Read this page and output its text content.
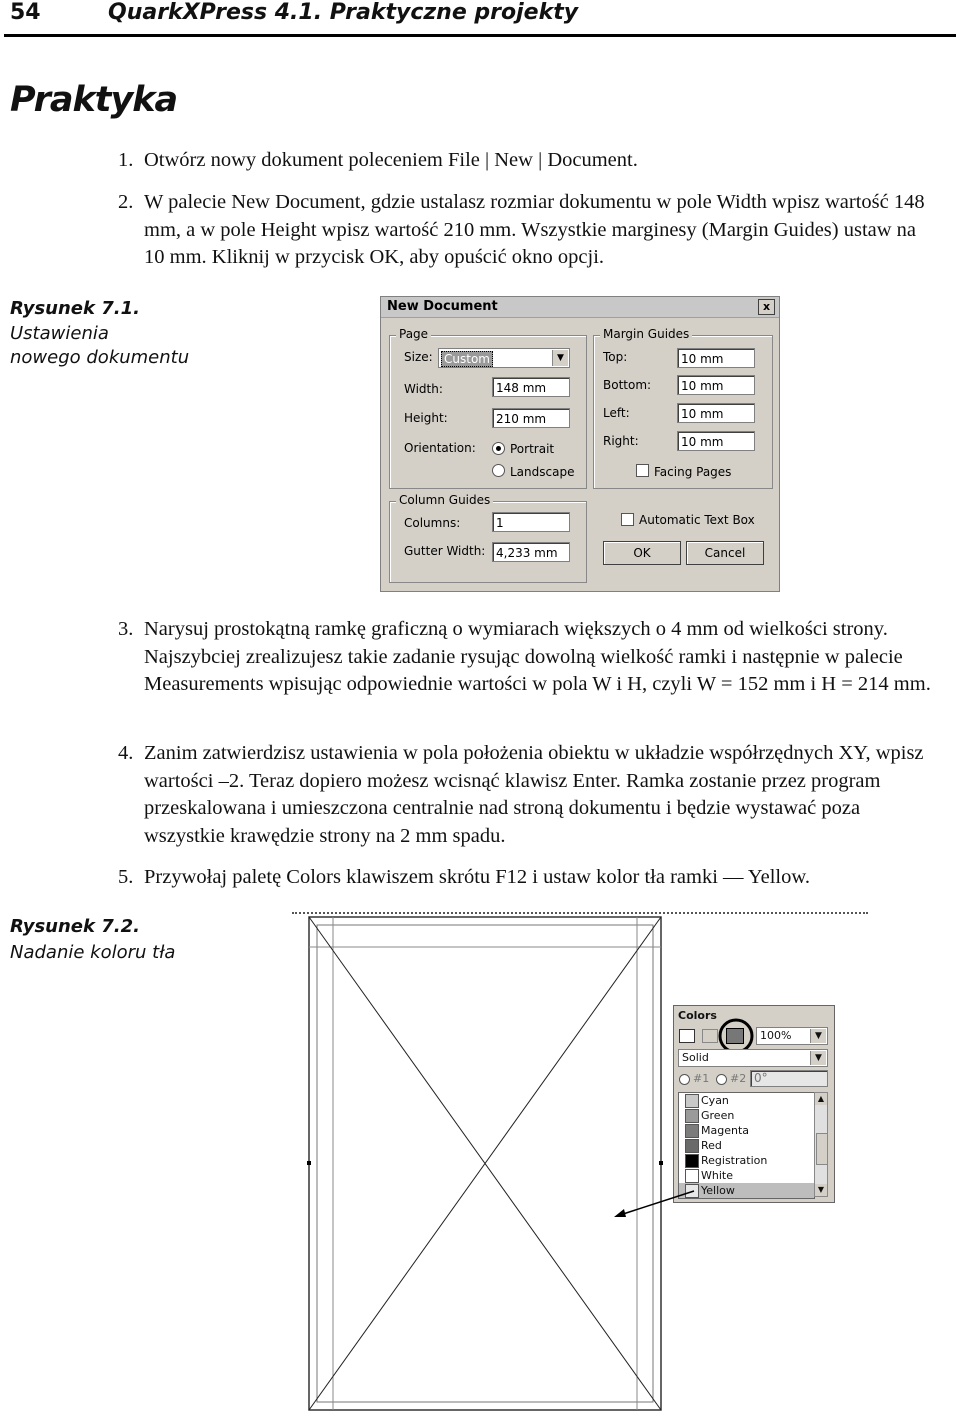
54	QuarkXPress 4.1. Praktyczne projekty
Praktyka
1. Otwórz nowy dokument poleceniem File | New | Document.
2. W palecie New Document, gdzie ustalasz rozmiar dokumentu w pole Width wpisz wartość 148 mm, a w pole Height wpisz wartość 210 mm. Wszystkie marginesy (Margin Guides) ustaw na 10 mm. Kliknij w przycisk OK, aby opuścić okno opcji.
Rysunek 7.1.
Ustawienia
nowego dokumentu
New Document	x
Page
Size: Custom	▼
Width:	148 mm
Height:	210 mm
Orientation:	Portrait
Landscape
Margin Guides
Top:	10 mm
Bottom:	10 mm
Left:	10 mm
Right:	10 mm
Facing Pages
Column Guides
Columns:	1
Gutter Width: 4,233 mm
Automatic Text Box
OK	Cancel
3. Narysuj prostokątną ramkę graficzną o wymiarach większych o 4 mm od wielkości strony. Najszybciej zrealizujesz takie zadanie rysując dowolną wielkość ramki i następnie w palecie Measurements wpisując odpowiednie wartości w pola W i H, czyli W = 152 mm i H = 214 mm.
4. Zanim zatwierdzisz ustawienia w pola położenia obiektu w układzie współrzędnych XY, wpisz wartości –2. Teraz dopiero możesz wcisnąć klawisz Enter. Ramka zostanie przez program przeskalowana i umieszczona centralnie nad stroną dokumentu i będzie wystawać poza wszystkie krawędzie strony na 2 mm spadu.
5. Przywołaj paletę Colors klawiszem skrótu F12 i ustaw kolor tła ramki — Yellow.
Rysunek 7.2.
Nadanie koloru tła
Colors
100%	▼
Solid	▼
#1 #2 0°
Cyan
Green
Magenta
Red
Registration
White
Yellow
▲
▼
